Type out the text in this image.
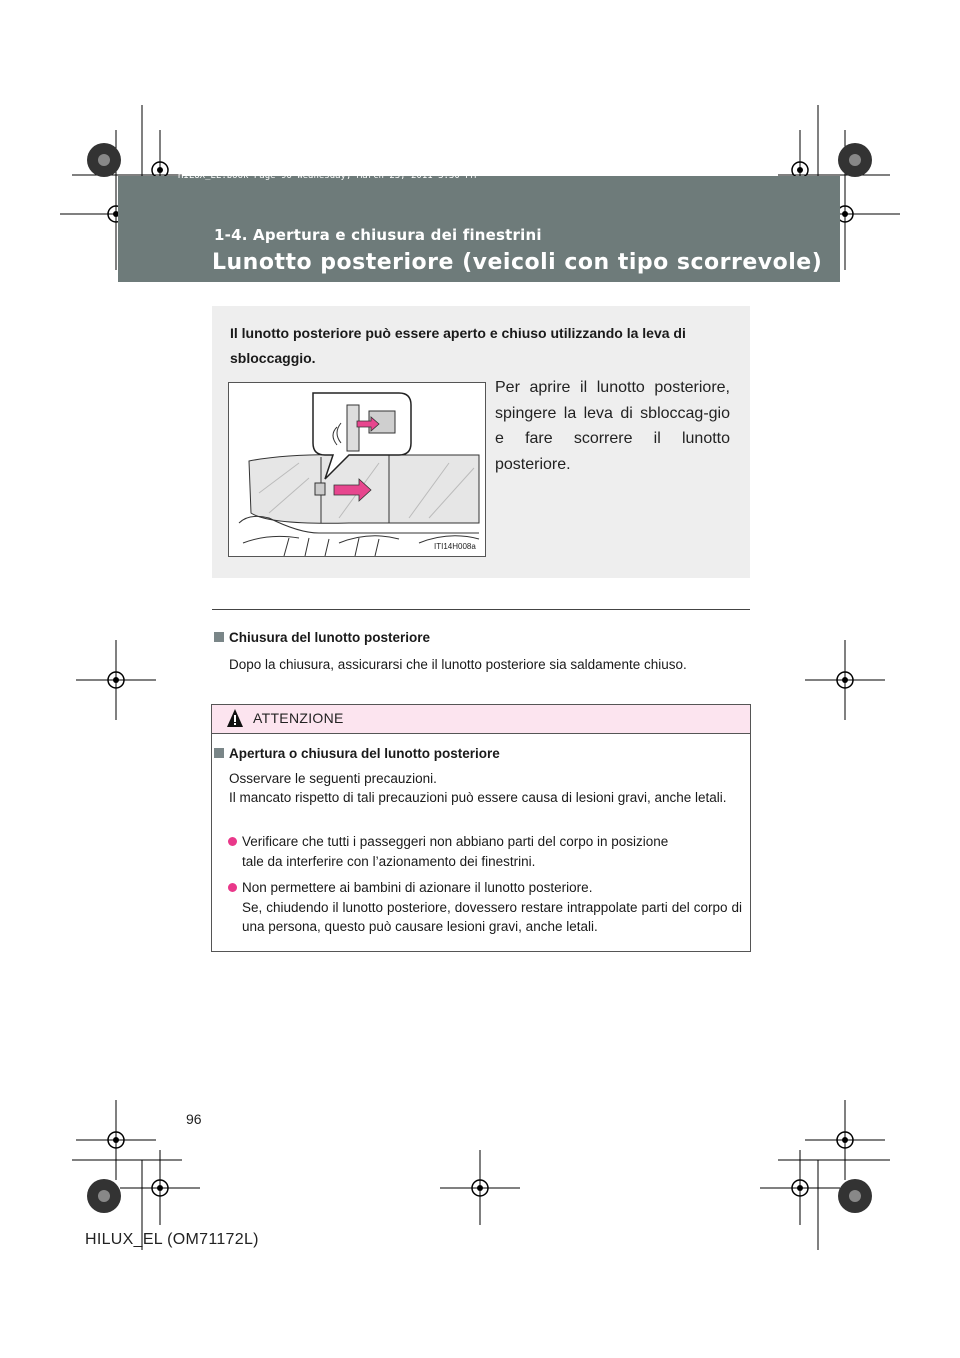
HILUX_EL.book Page 96 Wednesday, March 23, 2011 3:30 PM
1-4. Apertura e chiusura dei finestrini
Lunotto posteriore (veicoli con tipo scorrevole)
Il lunotto posteriore può essere aperto e chiuso utilizzando la leva di sbloccaggio.
ITI14H008a
Per aprire il lunotto posteriore, spingere la leva di sbloccag-gio e fare scorrere il lunotto posteriore.
Chiusura del lunotto posteriore
Dopo la chiusura, assicurarsi che il lunotto posteriore sia saldamente chiuso.
ATTENZIONE
Apertura o chiusura del lunotto posteriore
Osservare le seguenti precauzioni.
Il mancato rispetto di tali precauzioni può essere causa di lesioni gravi, anche letali.
Verificare che tutti i passeggeri non abbiano parti del corpo in posizione
tale da interferire con l’azionamento dei finestrini.
Non permettere ai bambini di azionare il lunotto posteriore.
Se, chiudendo il lunotto posteriore, dovessero restare intrappolate parti del corpo di una persona, questo può causare lesioni gravi, anche letali.
96
HILUX_EL (OM71172L)
